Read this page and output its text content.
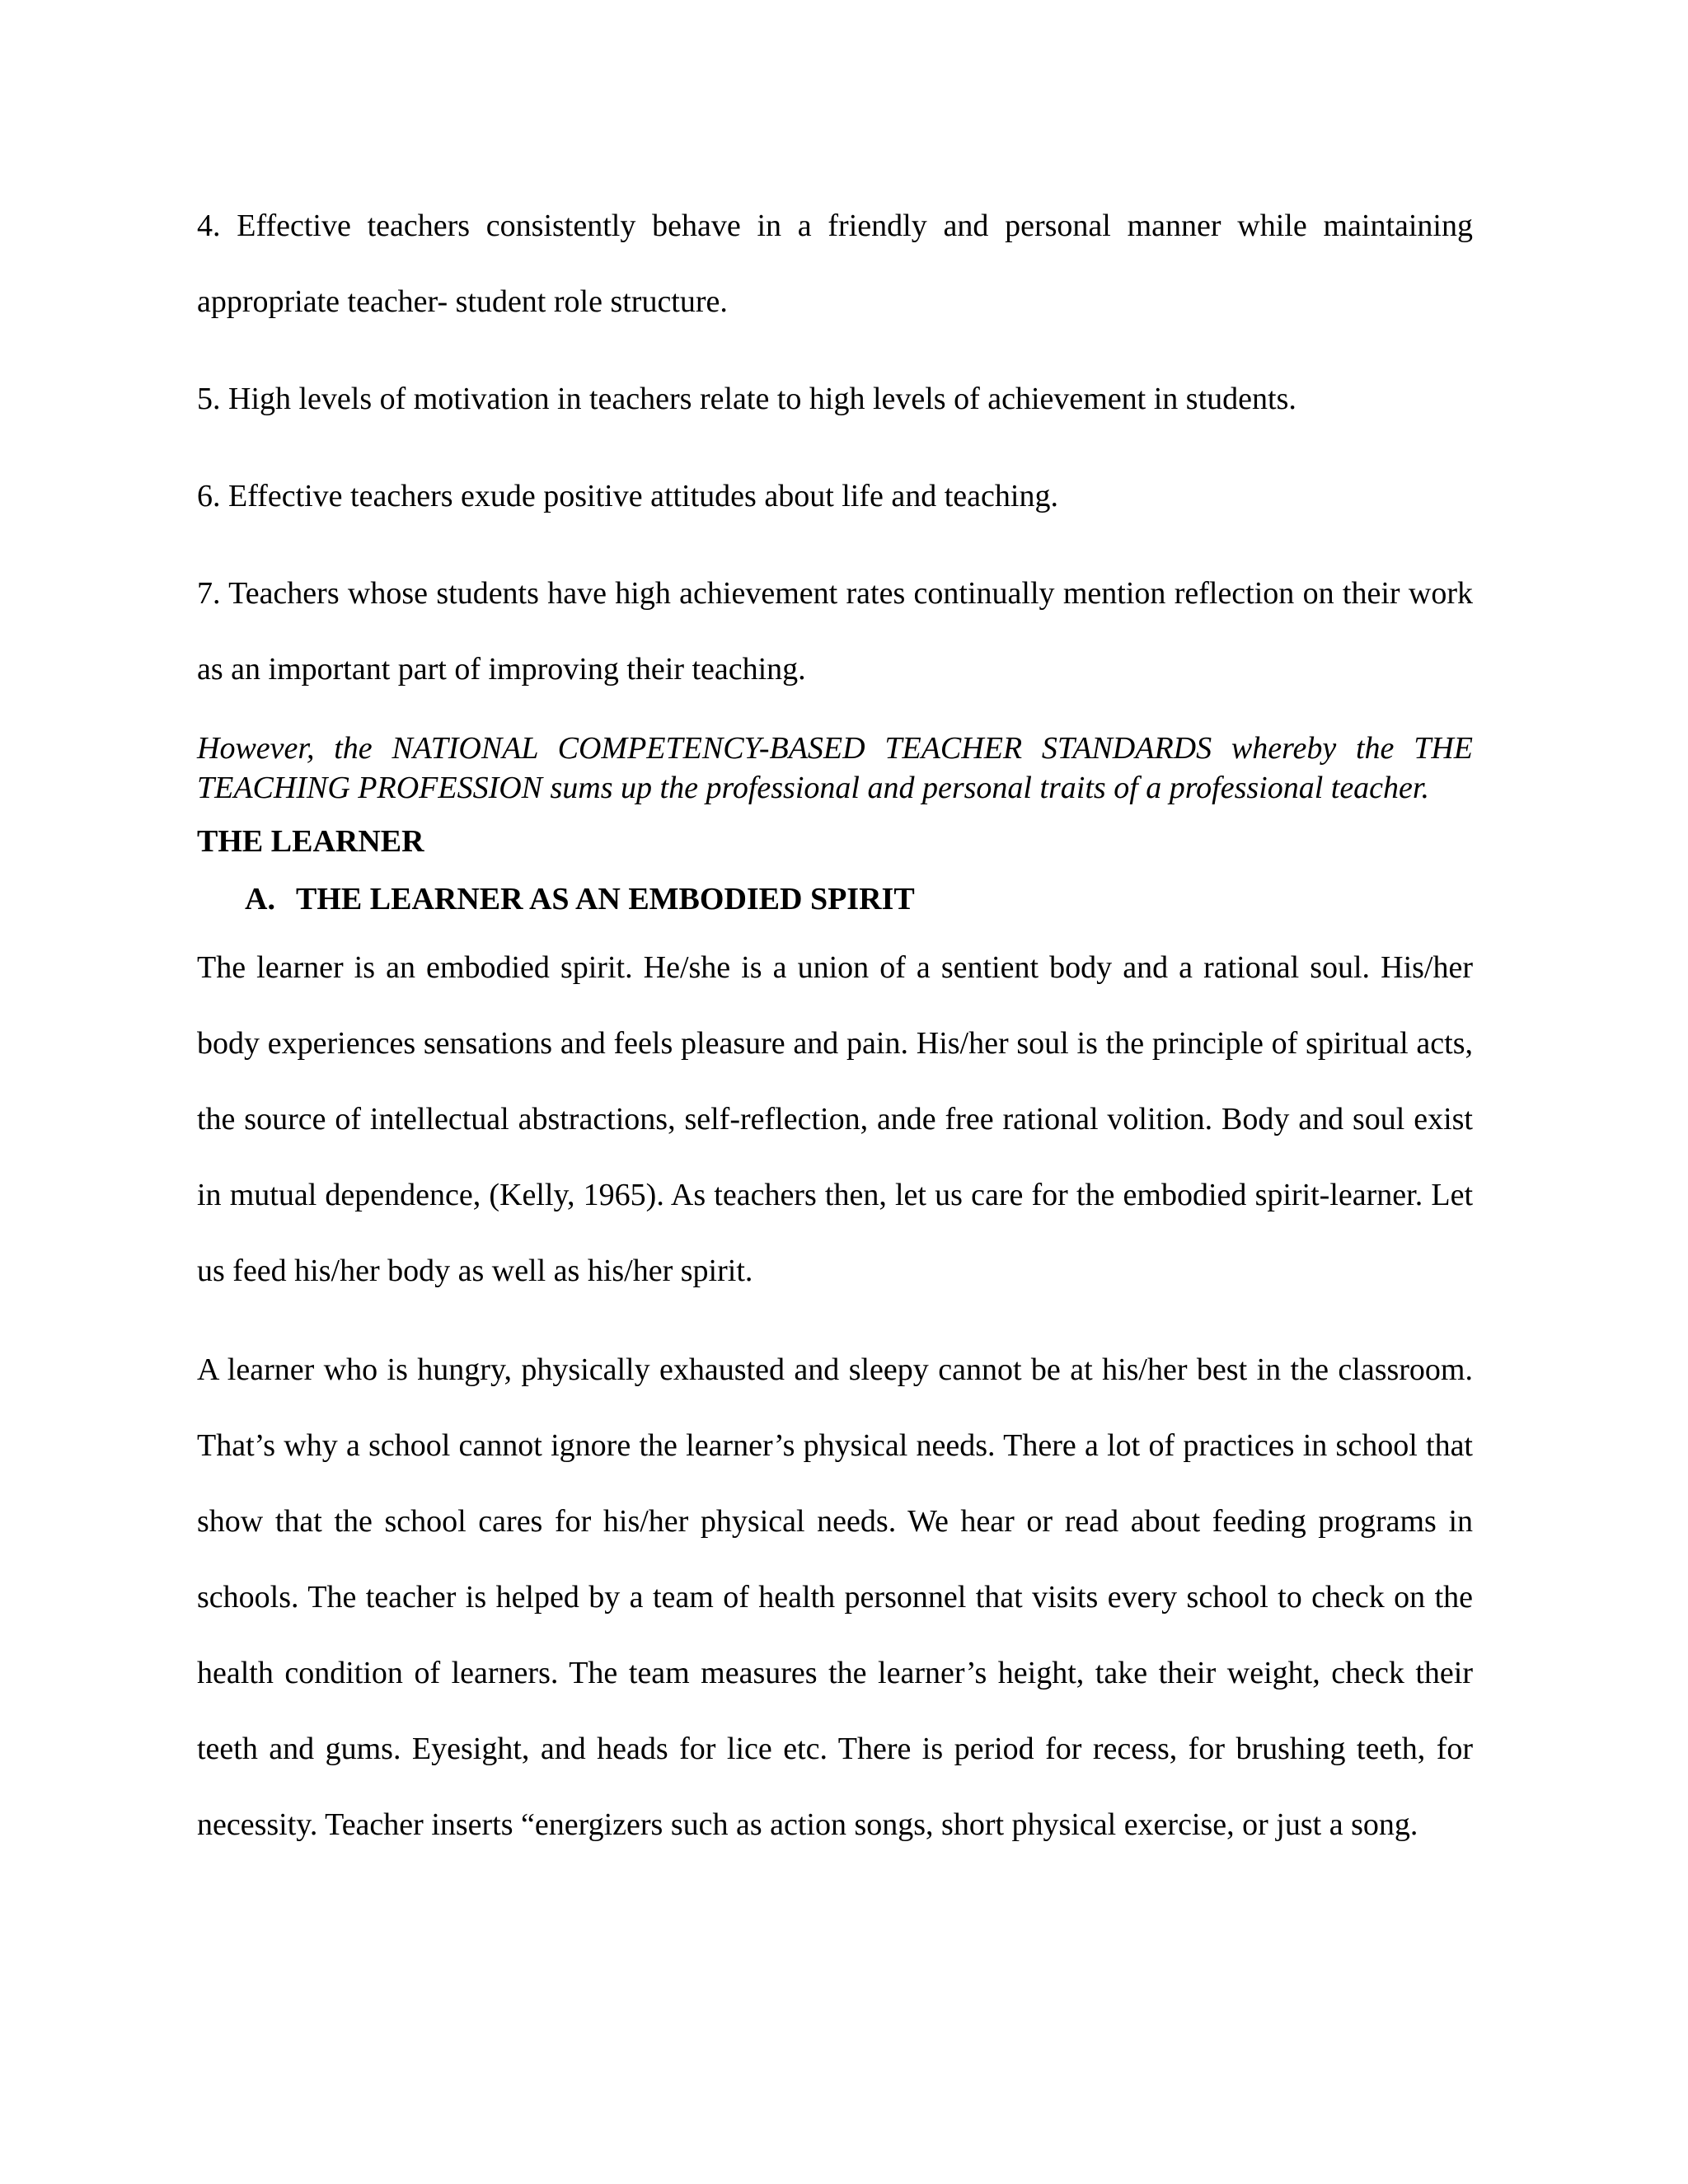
4. Effective teachers consistently behave in a friendly and personal manner while maintaining appropriate teacher- student role structure.

5. High levels of motivation in teachers relate to high levels of achievement in students.

6. Effective teachers exude positive attitudes about life and teaching.

7. Teachers whose students have high achievement rates continually mention reflection on their work as an important part of improving their teaching.

However, the NATIONAL COMPETENCY-BASED TEACHER STANDARDS whereby the THE TEACHING PROFESSION sums up the professional and personal traits of a professional teacher.

THE LEARNER
A. THE LEARNER AS AN EMBODIED SPIRIT

The learner is an embodied spirit. He/she is a union of a sentient body and a rational soul. His/her body experiences sensations and feels pleasure and pain. His/her soul is the principle of spiritual acts, the source of intellectual abstractions, self-reflection, ande free rational volition. Body and soul exist in mutual dependence, (Kelly, 1965). As teachers then, let us care for the embodied spirit-learner. Let us feed his/her body as well as his/her spirit.

A learner who is hungry, physically exhausted and sleepy cannot be at his/her best in the classroom. That’s why a school cannot ignore the learner’s physical needs. There a lot of practices in school that show that the school cares for his/her physical needs. We hear or read about feeding programs in schools. The teacher is helped by a team of health personnel that visits every school to check on the health condition of learners. The team measures the learner’s height, take their weight, check their teeth and gums. Eyesight, and heads for lice etc. There is period for recess, for brushing teeth, for necessity. Teacher inserts “energizers such as action songs, short physical exercise, or just a song.
